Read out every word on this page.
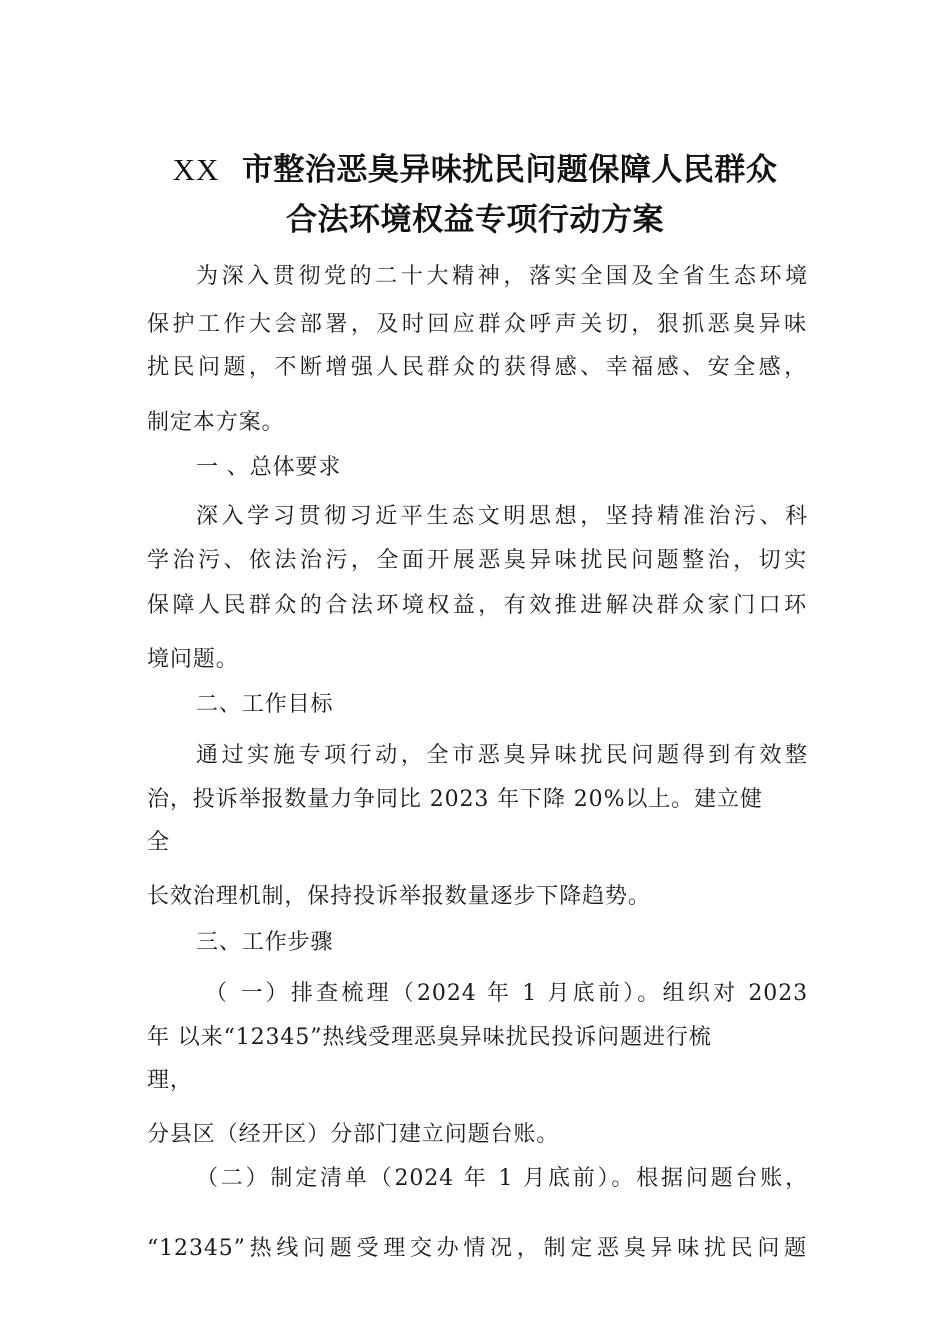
XX 市整治恶臭异味扰民问题保障人民群众
合法环境权益专项行动方案
为深入贯彻党的二十大精神，落实全国及全省生态环境
保护工作大会部署，及时回应群众呼声关切，狠抓恶臭异味
扰民问题，不断增强人民群众的获得感、幸福感、安全感，
制定本方案。
一 、总体要求
深入学习贯彻习近平生态文明思想，坚持精准治污、科
学治污、依法治污，全面开展恶臭异味扰民问题整治，切实
保障人民群众的合法环境权益，有效推进解决群众家门口环
境问题。
二、工作目标
通过实施专项行动，全市恶臭异味扰民问题得到有效整
治，投诉举报数量力争同比 2023 年下降 20%以上。建立健
全
长效治理机制，保持投诉举报数量逐步下降趋势。
三、工作步骤
（ 一）排查梳理（2024 年 1 月底前）。组织对 2023
年 以来“12345”热线受理恶臭异味扰民投诉问题进行梳
理，
分县区（经开区）分部门建立问题台账。
（二）制定清单（2024 年 1 月底前）。根据问题台账，
“12345”热线问题受理交办情况，制定恶臭异味扰民问题
